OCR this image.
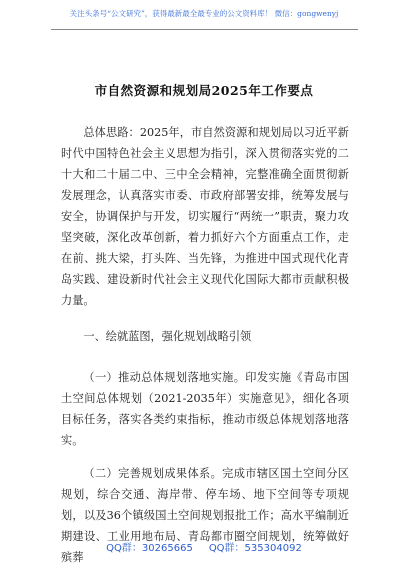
关注头条号“公文研究”，获得最新最全最专业的公文资料库！ 微信：gongwenyj
市自然资源和规划局2025年工作要点

总体思路：2025年，市自然资源和规划局以习近平新时代中国特色社会主义思想为指引，深入贯彻落实党的二十大和二十届二中、三中全会精神，完整准确全面贯彻新发展理念，认真落实市委、市政府部署安排，统筹发展与安全，协调保护与开发，切实履行“两统一”职责，聚力攻坚突破，深化改革创新，着力抓好六个方面重点工作，走在前、挑大梁，打头阵、当先锋，为推进中国式现代化青岛实践、建设新时代社会主义现代化国际大都市贡献积极力量。

一、绘就蓝图，强化规划战略引领

（一）推动总体规划落地实施。印发实施《青岛市国土空间总体规划（2021-2035年）实施意见》，细化各项目标任务，落实各类约束指标，推动市级总体规划落地落实。

（二）完善规划成果体系。完成市辖区国土空间分区规划，综合交通、海岸带、停车场、地下空间等专项规划，以及36个镇级国土空间规划报批工作；高水平编制近期建设、工业用地布局、青岛都市圈空间规划，统筹做好殡葬

QQ群：30265665 QQ群：535304092
